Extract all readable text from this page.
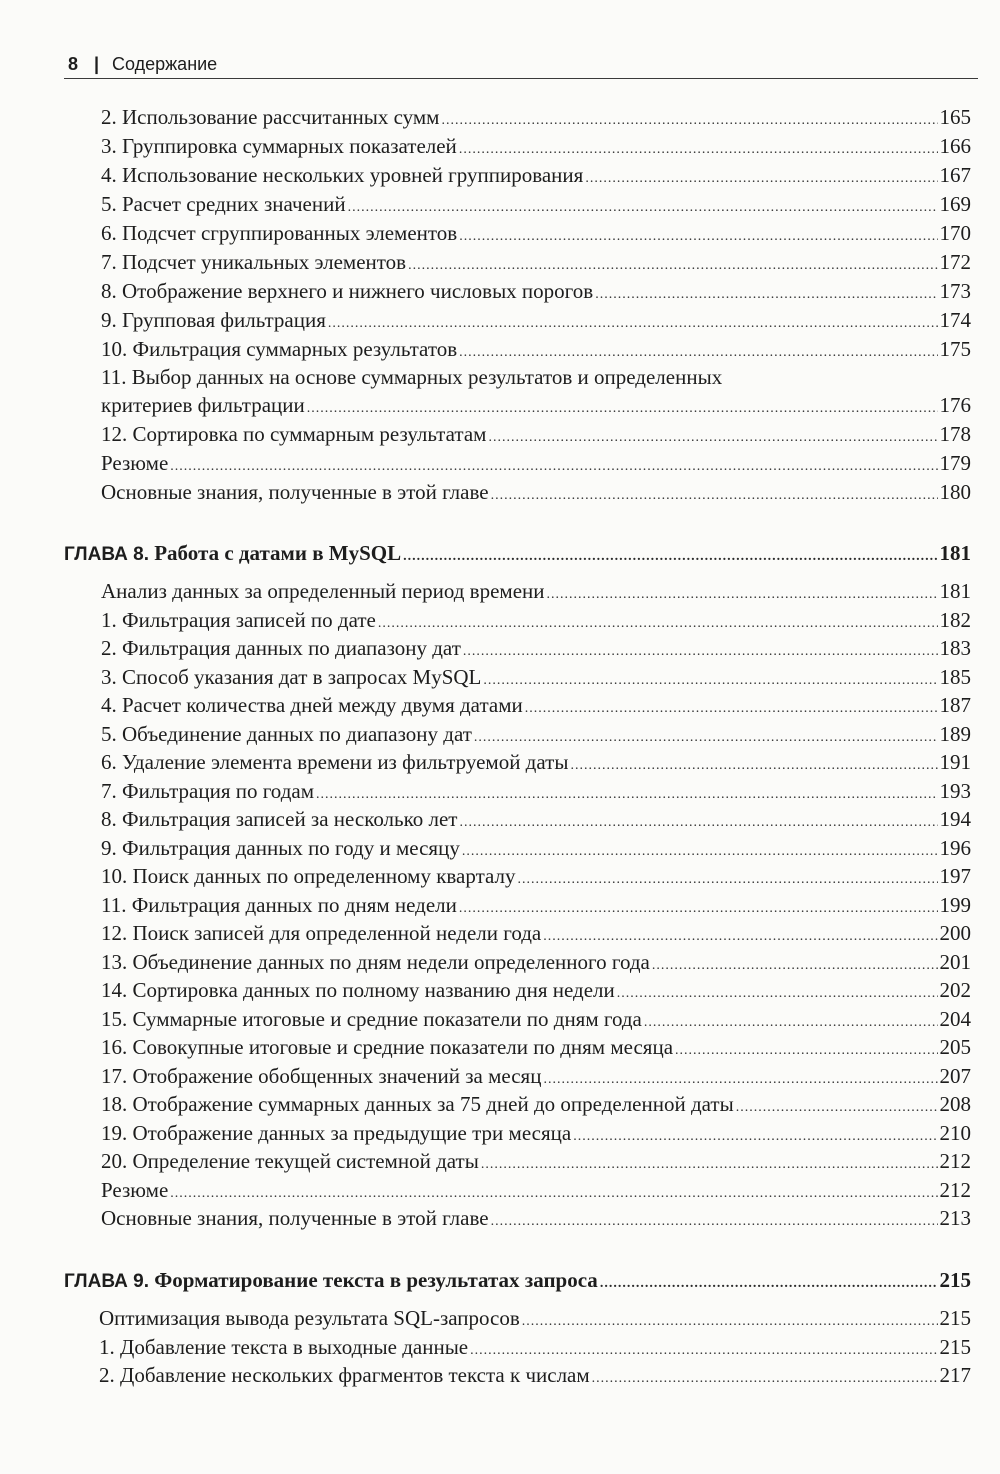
8 | Содержание
2. Использование рассчитанных сумм .....	165
3. Группировка суммарных показателей .....	166
4. Использование нескольких уровней группирования .....	167
5. Расчет средних значений .....	169
6. Подсчет сгруппированных элементов .....	170
7. Подсчет уникальных элементов .....	172
8. Отображение верхнего и нижнего числовых порогов .....	173
9. Групповая фильтрация .....	174
10. Фильтрация суммарных результатов .....	175
11. Выбор данных на основе суммарных результатов и определенных
критериев фильтрации .....	176
12. Сортировка по суммарным результатам .....	178
Резюме .....	179
Основные знания, полученные в этой главе .....	180
ГЛАВА 8. Работа с датами в MySQL .....	181
Анализ данных за определенный период времени .....	181
1. Фильтрация записей по дате .....	182
2. Фильтрация данных по диапазону дат .....	183
3. Способ указания дат в запросах MySQL .....	185
4. Расчет количества дней между двумя датами .....	187
5. Объединение данных по диапазону дат .....	189
6. Удаление элемента времени из фильтруемой даты .....	191
7. Фильтрация по годам .....	193
8. Фильтрация записей за несколько лет .....	194
9. Фильтрация данных по году и месяцу .....	196
10. Поиск данных по определенному кварталу .....	197
11. Фильтрация данных по дням недели .....	199
12. Поиск записей для определенной недели года .....	200
13. Объединение данных по дням недели определенного года .....	201
14. Сортировка данных по полному названию дня недели .....	202
15. Суммарные итоговые и средние показатели по дням года .....	204
16. Совокупные итоговые и средние показатели по дням месяца .....	205
17. Отображение обобщенных значений за месяц .....	207
18. Отображение суммарных данных за 75 дней до определенной даты .....	208
19. Отображение данных за предыдущие три месяца .....	210
20. Определение текущей системной даты .....	212
Резюме .....	212
Основные знания, полученные в этой главе .....	213
ГЛАВА 9. Форматирование текста в результатах запроса .....	215
Оптимизация вывода результата SQL-запросов .....	215
1. Добавление текста в выходные данные .....	215
2. Добавление нескольких фрагментов текста к числам .....	217
